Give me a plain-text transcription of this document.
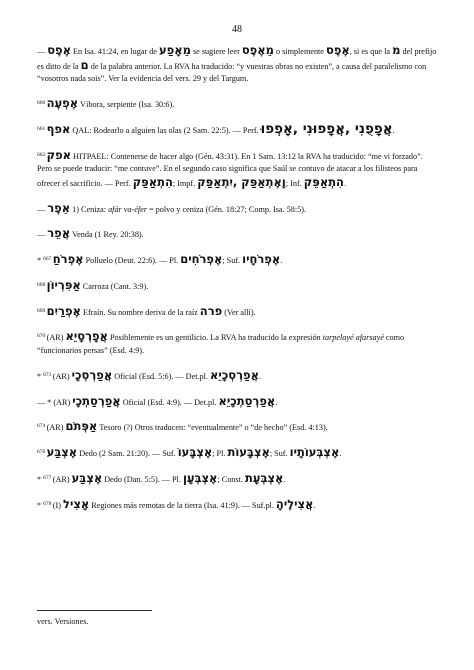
48

— אֶפֶס En Isa. 41:24, en lugar de מֵאָפַע se sugiere leer מֵאֶפֶס o simplemente אֶפֶס, si es que la מ del prefijo es ditto de la ם de la palabra anterior. La RVA ha traducido: “y vuestras obras no existen”, a causa del paralelismo con “vosotros nada sois”. Ver la evidencia del vers. 29 y del Targum.

$^{660}$ אֶפְעֶה Víbora, serpiente (Isa. 30:6).

$^{661}$ אפף QAL: Rodearlo a alguien las olas (2 Sam. 22:5). — Perf. אֲפָפֻנִי ,אֲפָפוּנִי ,אָפְפוּ.

$^{662}$ אפק HITPAEL: Contenerse de hacer algo (Gén. 43:31). En 1 Sam. 13:12 la RVA ha traducido: “me vi forzado”. Pero se puede traducir: “me contuve”. En el segundo caso significa que Saúl se contuvo de atacar a los filisteos para ofrecer el sacrificio. — Perf. הִתְאַפַּק; Impf. וָאֶתְאַפַּק ,יִתְאַפַּק; Inf. הִתְאַפֵּק.

— אֵפֶר 1) Ceniza: afár va-éfer = polvo y ceniza (Gén. 18:27; Comp. Isa. 58:5).

— אֲפֵר Venda (1 Rey. 20:38).

* $^{667}$ אֶפְרֹחַ Polluelo (Deut. 22:6). — Pl. אֶפְרֹחִים; Suf. אֶפְרֹחָיו.

$^{668}$ אַפִּרְיוֹן Carroza (Cant. 3:9).

$^{669}$ אֶפְרַיִם Efraín. Su nombre deriva de la raíz פרה (Ver allí).

$^{670}$ (AR) אֲפָרְסָיֵא Posiblemente es un gentilicio. La RVA ha traducido la expresión tarpelayé afarsayé como “funcionarios persas” (Esd. 4:9).

* $^{671}$ (AR) אֲפַרְסְכָי Oficial (Esd. 5:6). — Det.pl. אֲפַרְסְכָיֵא.

— * (AR) אֲפַרְסַתְכָי Oficial (Esd. 4:9). — Det.pl. אֲפַרְסַתְכָיֵא.

$^{674}$ (AR) אַפְּתֹם Tesoro (?) Otros traducen: “eventualmente” o “de hecho” (Esd. 4:13).

$^{676}$ אֶצְבַּע Dedo (2 Sam. 21:20). — Suf. אֶצְבָּעוֹ; Pl. אֶצְבָּעוֹת; Suf. אֶצְבְּעוֹתָיו.

* $^{677}$ (AR) אֶצְבַּע Dedo (Dan. 5:5). — Pl. אֶצְבְּעָן; Const. אֶצְבְּעָת.

* $^{678}$ (I) אָצִיל Regiones más remotas de la tierra (Isa. 41:9). — Suf.pl. אֲצִילֶיהָ.

vers. Versiones.
